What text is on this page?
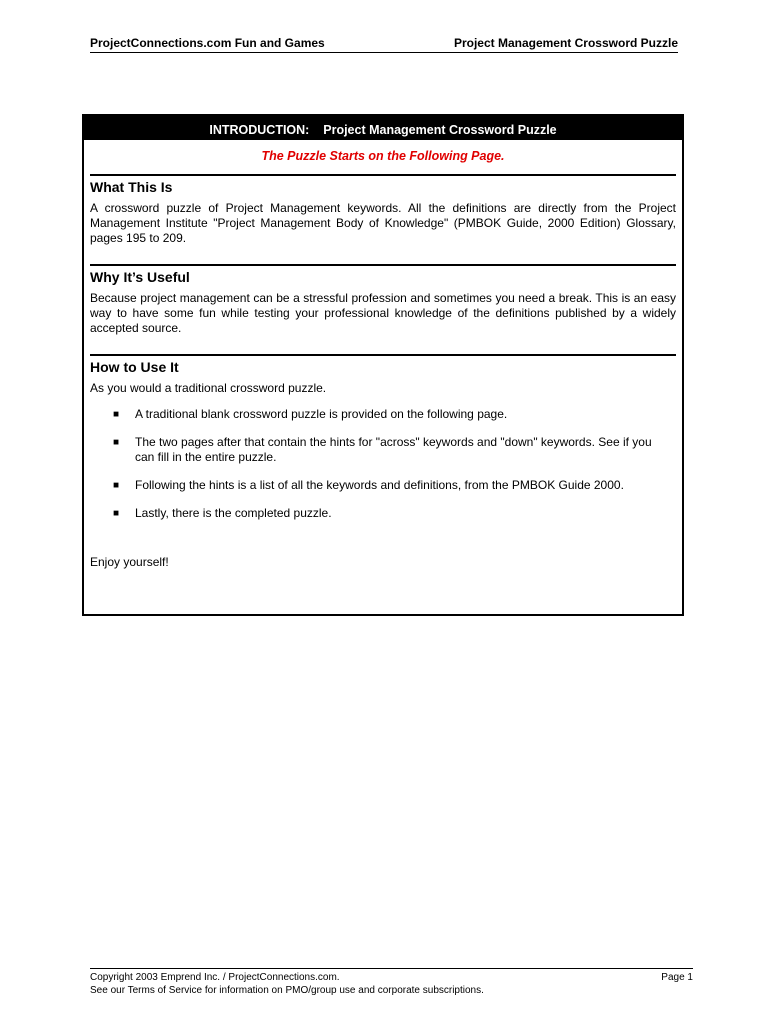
ProjectConnections.com Fun and Games	Project Management Crossword Puzzle
INTRODUCTION:    Project Management Crossword Puzzle
The Puzzle Starts on the Following Page.
What This Is

A crossword puzzle of Project Management keywords. All the definitions are directly from the Project Management Institute "Project Management Body of Knowledge" (PMBOK Guide, 2000 Edition) Glossary, pages 195 to 209.

Why It’s Useful

Because project management can be a stressful profession and sometimes you need a break. This is an easy way to have some fun while testing your professional knowledge of the definitions published by a widely accepted source.

How to Use It

As you would a traditional crossword puzzle.

■ A traditional blank crossword puzzle is provided on the following page.
■ The two pages after that contain the hints for "across" keywords and "down" keywords. See if you can fill in the entire puzzle.
■ Following the hints is a list of all the keywords and definitions, from the PMBOK Guide 2000.
■ Lastly, there is the completed puzzle.
Enjoy yourself!
Copyright 2003 Emprend Inc. / ProjectConnections.com.
See our Terms of Service for information on PMO/group use and corporate subscriptions.
Page 1
